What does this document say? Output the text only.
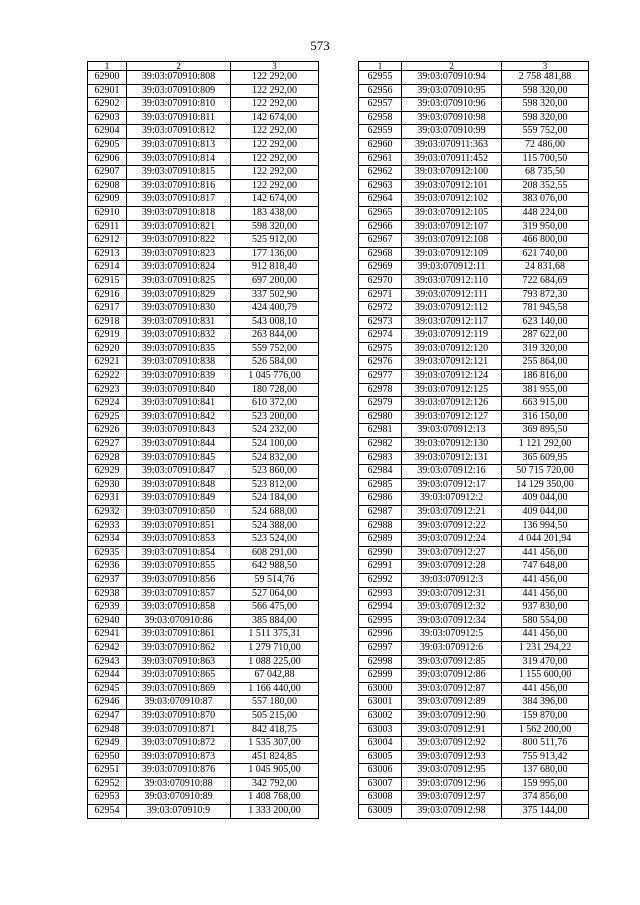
573
1	2	3
62900	39:03:070910:808	122 292,00
62901	39:03:070910:809	122 292,00
62902	39:03:070910:810	122 292,00
62903	39:03:070910:811	142 674,00
62904	39:03:070910:812	122 292,00
62905	39:03:070910:813	122 292,00
62906	39:03:070910:814	122 292,00
62907	39:03:070910:815	122 292,00
62908	39:03:070910:816	122 292,00
62909	39:03:070910:817	142 674,00
62910	39:03:070910:818	183 438,00
62911	39:03:070910:821	598 320,00
62912	39:03:070910:822	525 912,00
62913	39:03:070910:823	177 136,00
62914	39:03:070910:824	912 818,40
62915	39:03:070910:825	697 200,00
62916	39:03:070910:829	337 502,90
62917	39:03:070910:830	424 400,79
62918	39:03:070910:831	543 008,10
62919	39:03:070910:832	263 844,00
62920	39:03:070910:835	559 752,00
62921	39:03:070910:838	526 584,00
62922	39:03:070910:839	1 045 776,00
62923	39:03:070910:840	180 728,00
62924	39:03:070910:841	610 372,00
62925	39:03:070910:842	523 200,00
62926	39:03:070910:843	524 232,00
62927	39:03:070910:844	524 100,00
62928	39:03:070910:845	524 832,00
62929	39:03:070910:847	523 860,00
62930	39:03:070910:848	523 812,00
62931	39:03:070910:849	524 184,00
62932	39:03:070910:850	524 688,00
62933	39:03:070910:851	524 388,00
62934	39:03:070910:853	523 524,00
62935	39:03:070910:854	608 291,00
62936	39:03:070910:855	642 988,50
62937	39:03:070910:856	59 514,76
62938	39:03:070910:857	527 064,00
62939	39:03:070910:858	566 475,00
62940	39:03:070910:86	385 884,00
62941	39:03:070910:861	1 511 375,31
62942	39:03:070910:862	1 279 710,00
62943	39:03:070910:863	1 088 225,00
62944	39:03:070910:865	67 042,88
62945	39:03:070910:869	1 166 440,00
62946	39:03:070910:87	557 180,00
62947	39:03:070910:870	505 215,00
62948	39:03:070910:871	842 418,75
62949	39:03:070910:872	1 535 307,00
62950	39:03:070910:873	451 824,85
62951	39:03:070910:876	1 045 905,00
62952	39:03:070910:88	342 792,00
62953	39:03:070910:89	1 408 768,00
62954	39:03:070910:9	1 333 200,00
1	2	3
62955	39:03:070910:94	2 758 481,88
62956	39:03:070910:95	598 320,00
62957	39:03:070910:96	598 320,00
62958	39:03:070910:98	598 320,00
62959	39:03:070910:99	559 752,00
62960	39:03:070911:363	72 486,00
62961	39:03:070911:452	115 700,50
62962	39:03:070912:100	68 735,50
62963	39:03:070912:101	208 352,55
62964	39:03:070912:102	383 076,00
62965	39:03:070912:105	448 224,00
62966	39:03:070912:107	319 950,00
62967	39:03:070912:108	466 800,00
62968	39:03:070912:109	621 740,00
62969	39:03:070912:11	24 831,68
62970	39:03:070912:110	722 684,69
62971	39:03:070912:111	793 872,30
62972	39:03:070912:112	781 945,58
62973	39:03:070912:117	623 140,00
62974	39:03:070912:119	287 622,00
62975	39:03:070912:120	319 320,00
62976	39:03:070912:121	255 864,00
62977	39:03:070912:124	186 816,00
62978	39:03:070912:125	381 955,00
62979	39:03:070912:126	663 915,00
62980	39:03:070912:127	316 150,00
62981	39:03:070912:13	369 895,50
62982	39:03:070912:130	1 121 292,00
62983	39:03:070912:131	365 609,95
62984	39:03:070912:16	50 715 720,00
62985	39:03:070912:17	14 129 350,00
62986	39:03:070912:2	409 044,00
62987	39:03:070912:21	409 044,00
62988	39:03:070912:22	136 994,50
62989	39:03:070912:24	4 044 201,94
62990	39:03:070912:27	441 456,00
62991	39:03:070912:28	747 648,00
62992	39:03:070912:3	441 456,00
62993	39:03:070912:31	441 456,00
62994	39:03:070912:32	937 830,00
62995	39:03:070912:34	580 554,00
62996	39:03:070912:5	441 456,00
62997	39:03:070912:6	1 231 294,22
62998	39:03:070912:85	319 470,00
62999	39:03:070912:86	1 155 600,00
63000	39:03:070912:87	441 456,00
63001	39:03:070912:89	384 396,00
63002	39:03:070912:90	159 870,00
63003	39:03:070912:91	1 562 200,00
63004	39:03:070912:92	800 511,76
63005	39:03:070912:93	755 913,42
63006	39:03:070912:95	137 680,00
63007	39:03:070912:96	159 995,00
63008	39:03:070912:97	374 856,00
63009	39:03:070912:98	375 144,00
